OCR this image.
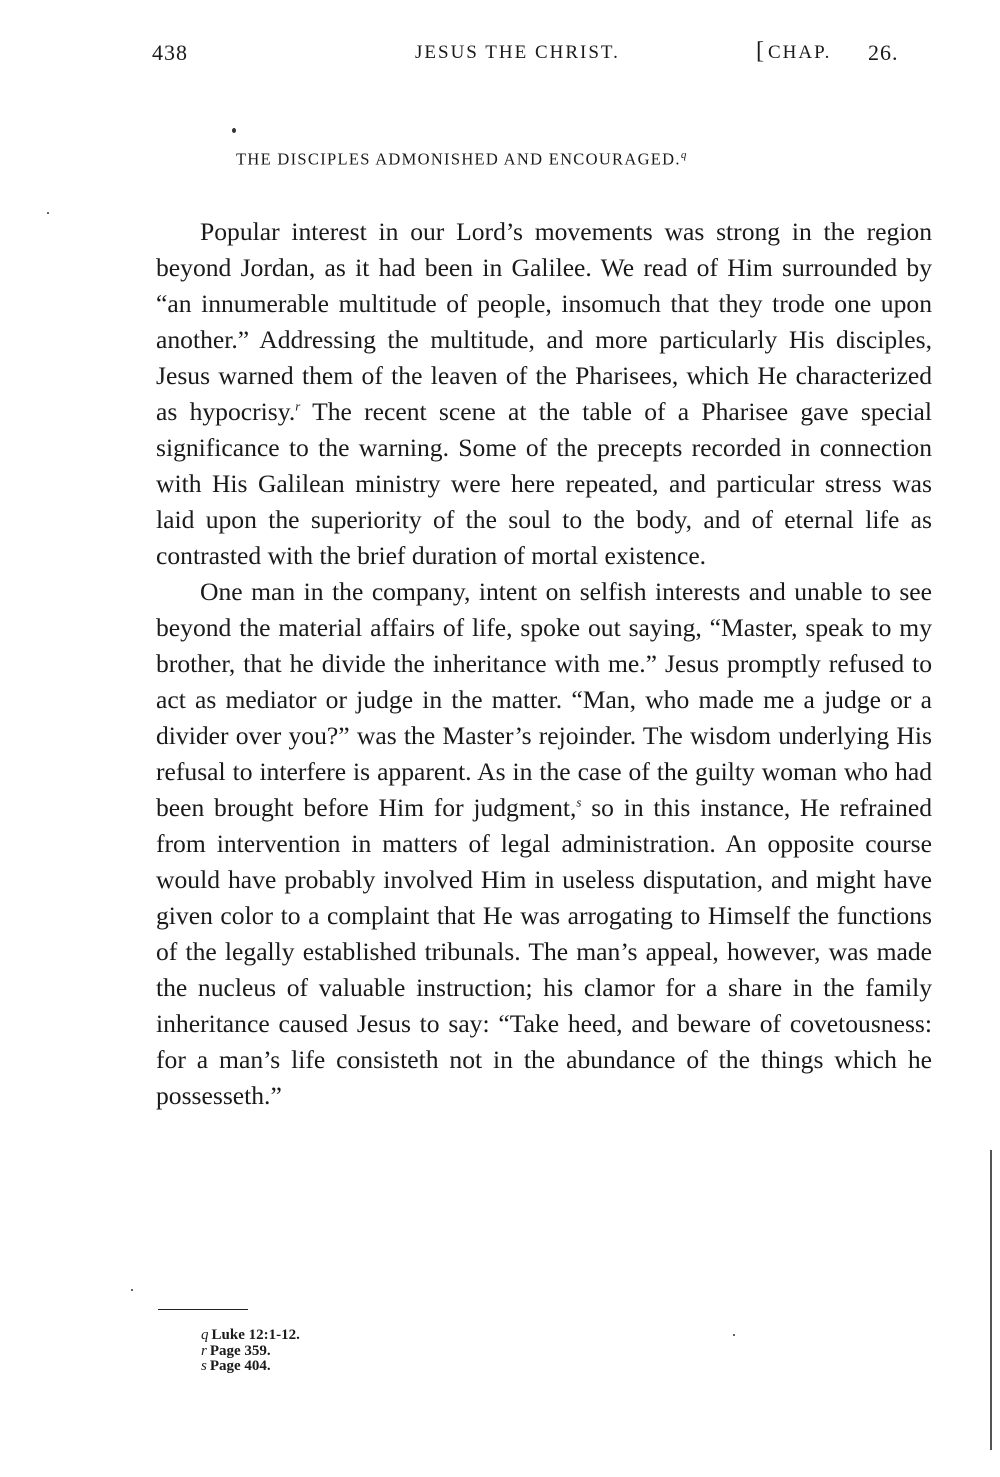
438	JESUS THE CHRIST.	[ CHAP. 26.
THE DISCIPLES ADMONISHED AND ENCOURAGED.$^q$

Popular interest in our Lord’s movements was strong in the region beyond Jordan, as it had been in Galilee. We read of Him surrounded by “an innumerable multitude of people, insomuch that they trode one upon another.” Addressing the multitude, and more particularly His disciples, Jesus warned them of the leaven of the Pharisees, which He characterized as hypocrisy.$^r$ The recent scene at the table of a Pharisee gave special significance to the warning. Some of the precepts recorded in connection with His Galilean ministry were here repeated, and particular stress was laid upon the superiority of the soul to the body, and of eternal life as contrasted with the brief duration of mortal existence.

One man in the company, intent on selfish interests and unable to see beyond the material affairs of life, spoke out saying, “Master, speak to my brother, that he divide the inheritance with me.” Jesus promptly refused to act as mediator or judge in the matter. “Man, who made me a judge or a divider over you?” was the Master’s rejoinder. The wisdom underlying His refusal to interfere is apparent. As in the case of the guilty woman who had been brought before Him for judgment,$^s$ so in this instance, He refrained from intervention in matters of legal administration. An opposite course would have probably involved Him in useless disputation, and might have given color to a complaint that He was arrogating to Himself the functions of the legally established tribunals. The man’s appeal, however, was made the nucleus of valuable instruction; his clamor for a share in the family inheritance caused Jesus to say: “Take heed, and beware of covetousness: for a man’s life consisteth not in the abundance of the things which he possesseth.”

q Luke 12:1-12.
r Page 359.
s Page 404.
